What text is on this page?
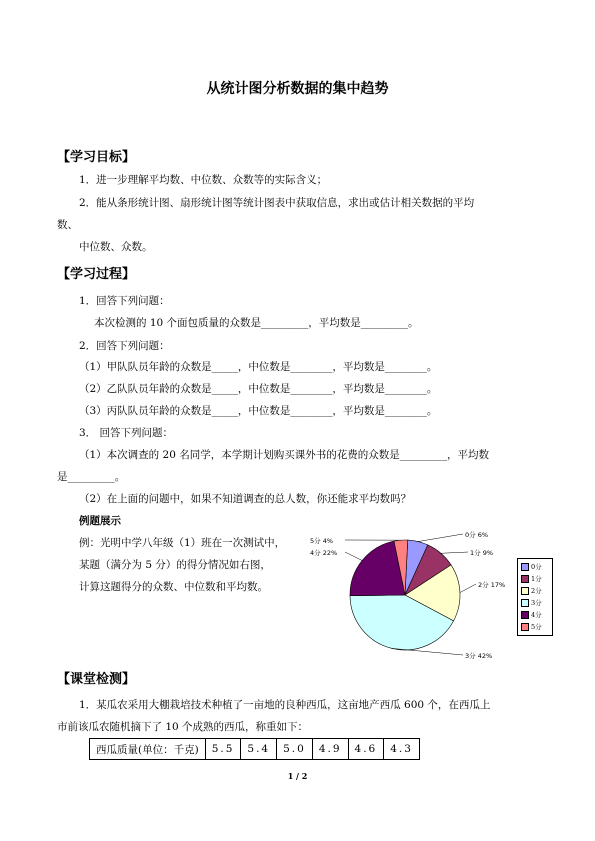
从统计图分析数据的集中趋势
【学习目标】
1．进一步理解平均数、中位数、众数等的实际含义；
2．能从条形统计图、扇形统计图等统计图表中获取信息，求出或估计相关数据的平均
数、
中位数、众数。
【学习过程】
1．回答下列问题：
本次检测的 10 个面包质量的众数是_________，平均数是_________。
2．回答下列问题：
（1）甲队队员年龄的众数是_____，中位数是________，平均数是________。
（2）乙队队员年龄的众数是_____，中位数是________，平均数是________。
（3）丙队队员年龄的众数是_____，中位数是________，平均数是________。
3． 回答下列问题：
（1）本次调查的 20 名同学，本学期计划购买课外书的花费的众数是_________，平均数
是_________。
（2）在上面的问题中，如果不知道调查的总人数，你还能求平均数吗？
例题展示
例：光明中学八年级（1）班在一次测试中，
某题（满分为 5 分）的得分情况如右图，
计算这题得分的众数、中位数和平均数。
0分 6%
1分 9%
2分 17%
3分 42%
4分 22%
5分 4%
0分
1分
2分
3分
4分
5分
【课堂检测】
1．某瓜农采用大棚栽培技术种植了一亩地的良种西瓜，这亩地产西瓜 600 个，在西瓜上
市前该瓜农随机摘下了 10 个成熟的西瓜，称重如下：
西瓜质量(单位：千克)	5.5	5.4	5.0	4.9	4.6	4.3
1 / 2
